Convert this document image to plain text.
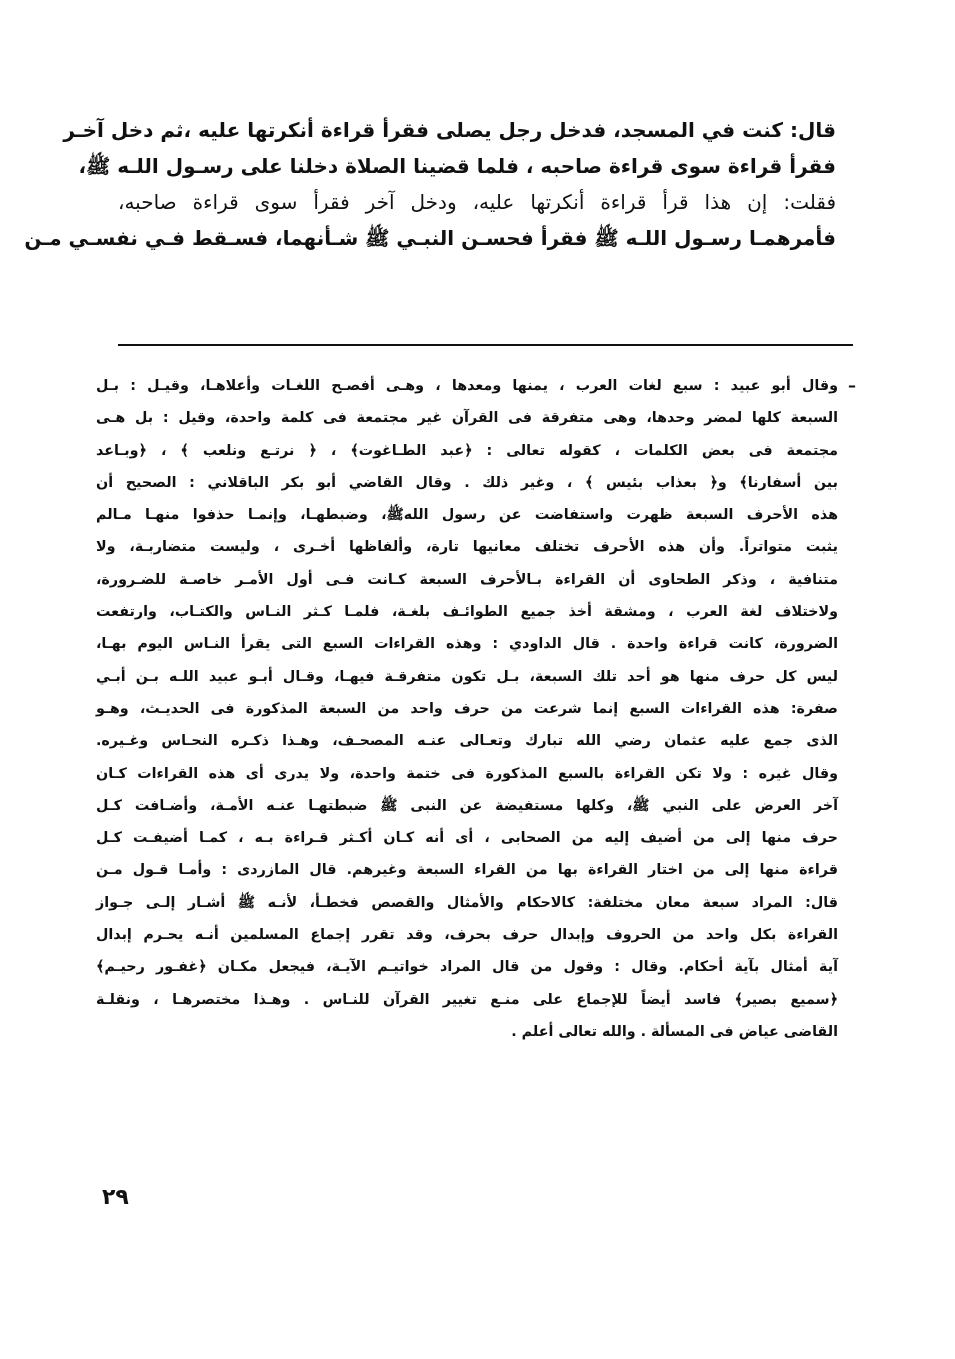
قال: كنت في المسجد، فدخل رجل يصلى فقرأ قراءة أنكرتها عليه ،ثم دخل آخـر
فقرأ قراءة سوى قراءة صاحبه ، فلما قضينا الصلاة دخلنا على رسـول اللـه ﷺ،
فقلت: إن هذا قرأ قراءة أنكرتها عليه، ودخل آخر فقرأ سوى قراءة صاحبه،
فأمرهمـا رسـول اللـه ﷺ فقرأ فحسـن النبـي ﷺ شـأنهما، فسـقط فـي نفسـي مـن
–
وقال أبو عبيد : سبع لغات العرب ، يمنها ومعدها ، وهـى أفصـح اللغـات وأعلاهـا، وقيـل : بـل
السبعة كلها لمضر وحدها، وهى متفرقة فى القرآن غير مجتمعة فى كلمة واحدة، وقيل : بل هـى
مجتمعة فى بعض الكلمات ، كقوله تعالى : ﴿عبد الطـاغوت﴾ ، ﴿ نرتـع ونلعب ﴾ ، ﴿وبـاعد
بين أسفارنا﴾ و﴿ بعذاب بئيس ﴾ ، وغير ذلك . وقال القاضي أبو بكر الباقلاني : الصحيح أن
هذه الأحرف السبعة ظهرت واستفاضت عن رسول اللهﷺ، وضبطهـا، وإنمـا حذفوا منهـا مـالم
يثبت متواتراً. وأن هذه الأحرف تختلف معانيها تارة، وألفاظها أخـرى ، وليست متضاربـة، ولا
متنافية ، وذكر الطحاوى أن القراءة بـالأحرف السبعة كـانت فـى أول الأمـر خاصـة للضـرورة،
ولاختلاف لغة العرب ، ومشقة أخذ جميع الطوائـف بلغـة، فلمـا كـثر النـاس والكتـاب، وارتفعت
الضرورة، كانت قراءة واحدة . قال الداودي : وهذه القراءات السبع التى يقرأ النـاس اليوم بهـا،
ليس كل حرف منها هو أحد تلك السبعة، بـل تكون متفرقـة فيهـا، وقـال أبـو عبيد اللـه بـن أبـي
صفرة: هذه القراءات السبع إنما شرعت من حرف واحد من السبعة المذكورة فى الحديـث، وهـو
الذى جمع عليه عثمان رضي الله تبارك وتعـالى عنـه المصحـف، وهـذا ذكـره النحـاس وغـيره.
وقال غيره : ولا تكن القراءة بالسبع المذكورة فى ختمة واحدة، ولا يدرى أى هذه القراءات كـان
آخر العرض على النبي ﷺ، وكلها مستفيضة عن النبى ﷺ ضبطتهـا عنـه الأمـة، وأضـافت كـل
حرف منها إلى من أضيف إليه من الصحابى ، أى أنه كـان أكـثر قـراءة بـه ، كمـا أضيفـت كـل
قراءة منها إلى من اختار القراءة بها من القراء السبعة وغيرهم. قال المازردى : وأمـا قـول مـن
قال: المراد سبعة معان مختلفة: كالاحكام والأمثال والقصص فخطـأ، لأنـه ﷺ أشـار إلـى جـواز
القراءة بكل واحد من الحروف وإبدال حرف بحرف، وقد تقرر إجماع المسلمين أنـه يحـرم إبدال
آية أمثال بآية أحكام. وقال : وقول من قال المراد خواتيـم الآيـة، فيجعل مكـان ﴿غفـور رحيـم﴾
﴿سميع بصير﴾ فاسد أيضاً للإجماع على منـع تغيير القرآن للنـاس . وهـذا مختصرهـا ، ونقلـة
القاضى عياض فى المسألة . والله تعالى أعلم .
٢٩
